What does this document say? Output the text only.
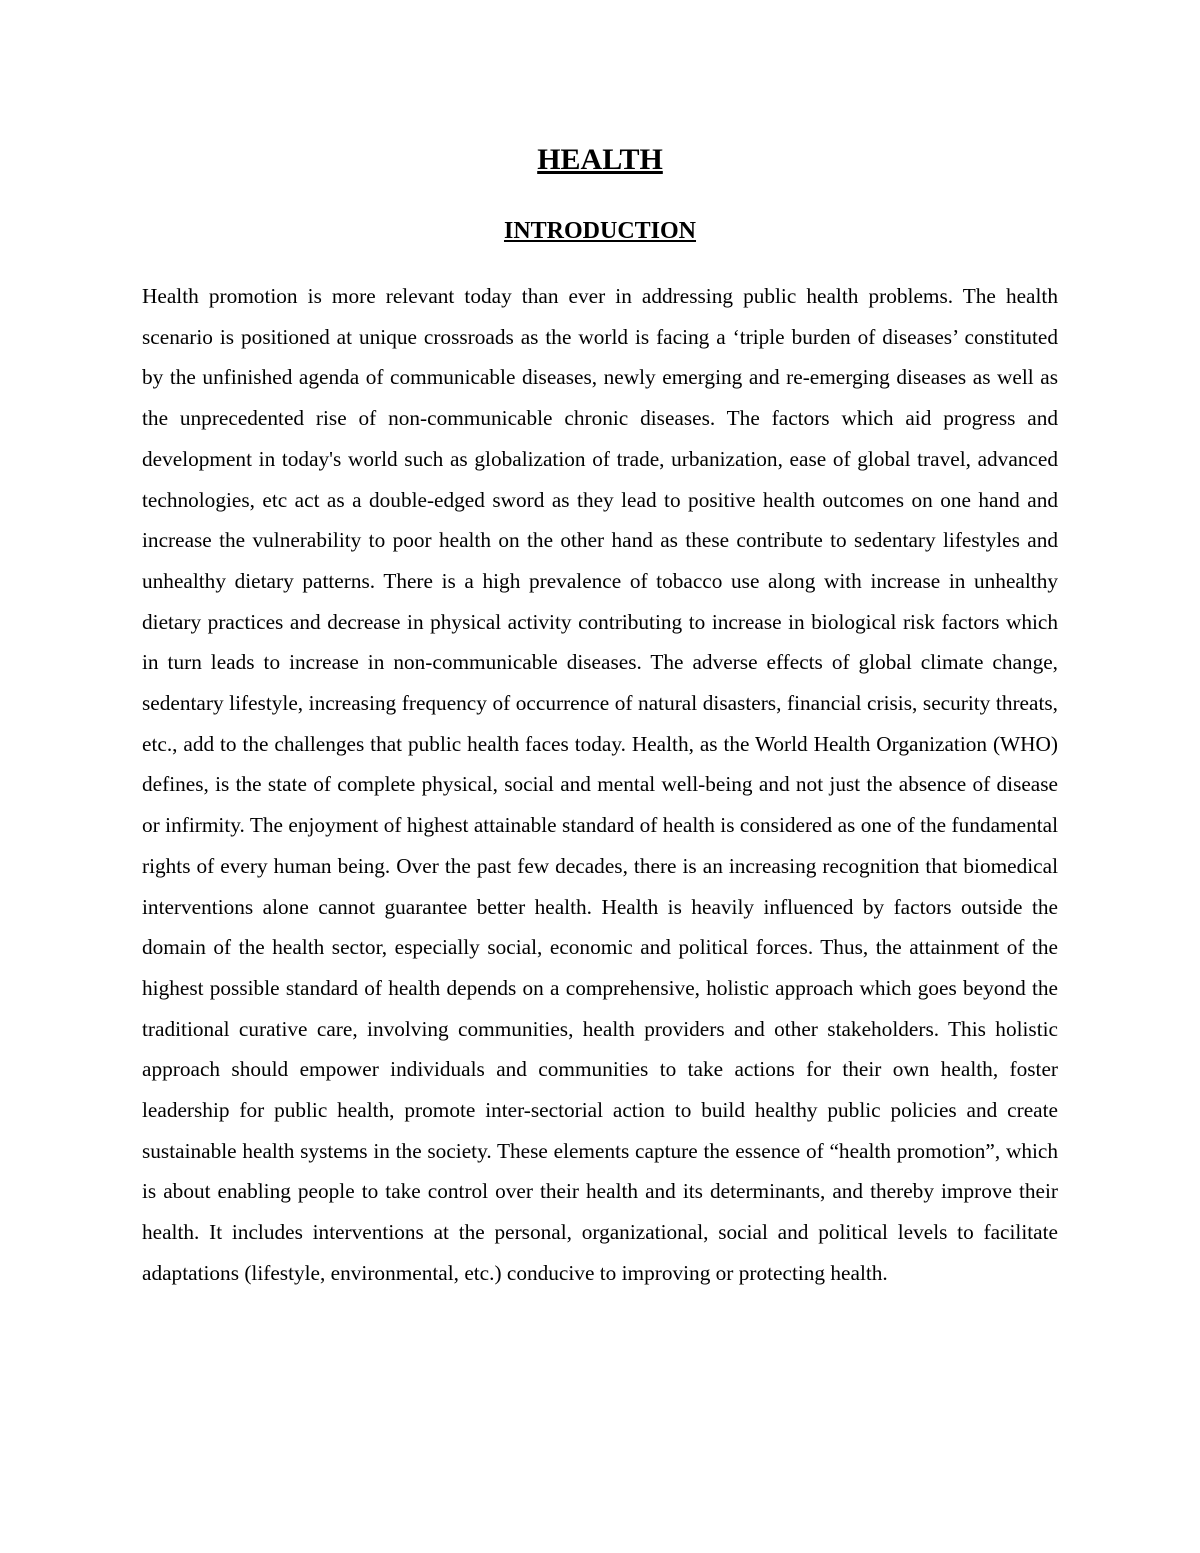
HEALTH
INTRODUCTION

Health promotion is more relevant today than ever in addressing public health problems. The health scenario is positioned at unique crossroads as the world is facing a ‘triple burden of diseases’ constituted by the unfinished agenda of communicable diseases, newly emerging and re-emerging diseases as well as the unprecedented rise of non-communicable chronic diseases. The factors which aid progress and development in today's world such as globalization of trade, urbanization, ease of global travel, advanced technologies, etc act as a double-edged sword as they lead to positive health outcomes on one hand and increase the vulnerability to poor health on the other hand as these contribute to sedentary lifestyles and unhealthy dietary patterns. There is a high prevalence of tobacco use along with increase in unhealthy dietary practices and decrease in physical activity contributing to increase in biological risk factors which in turn leads to increase in non-communicable diseases. The adverse effects of global climate change, sedentary lifestyle, increasing frequency of occurrence of natural disasters, financial crisis, security threats, etc., add to the challenges that public health faces today. Health, as the World Health Organization (WHO) defines, is the state of complete physical, social and mental well-being and not just the absence of disease or infirmity. The enjoyment of highest attainable standard of health is considered as one of the fundamental rights of every human being. Over the past few decades, there is an increasing recognition that biomedical interventions alone cannot guarantee better health. Health is heavily influenced by factors outside the domain of the health sector, especially social, economic and political forces. Thus, the attainment of the highest possible standard of health depends on a comprehensive, holistic approach which goes beyond the traditional curative care, involving communities, health providers and other stakeholders. This holistic approach should empower individuals and communities to take actions for their own health, foster leadership for public health, promote inter-sectorial action to build healthy public policies and create sustainable health systems in the society. These elements capture the essence of “health promotion”, which is about enabling people to take control over their health and its determinants, and thereby improve their health. It includes interventions at the personal, organizational, social and political levels to facilitate adaptations (lifestyle, environmental, etc.) conducive to improving or protecting health.
